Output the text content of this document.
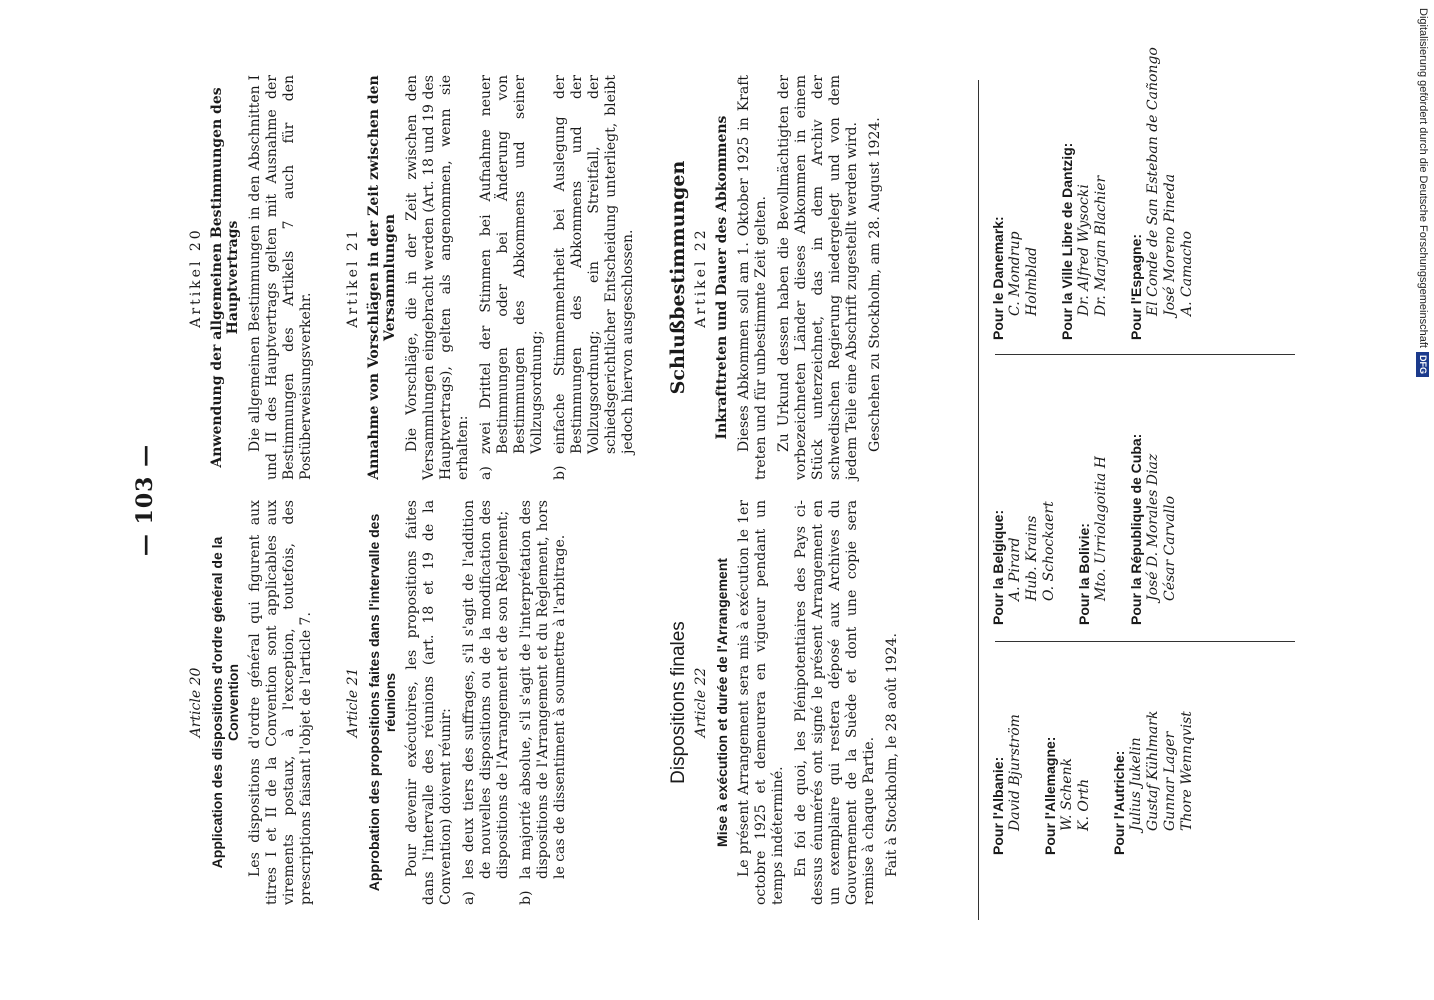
— 103 —

Article 20 Application des dispositions d'ordre général de la Convention Les dispositions d'ordre général qui figurent aux titres I et II de la Convention sont applicables aux virements postaux, à l'exception, toutefois, des prescriptions faisant l'objet de l'article 7. Article 21 Approbation des propositions faites dans l'intervalle des réunions Pour devenir exécutoires, les propositions faites dans l'intervalle des réunions (art. 18 et 19 de la Convention) doivent réunir: a)
les deux tiers des suffrages, s'il s'agit de l'addition de nouvelles dispositions ou de la modification des dispositions de l'Arrangement et de son Règlement;
b)
la majorité absolue, s'il s'agit de l'interprétation des dispositions de l'Arrangement et du Règlement, hors le cas de dissentiment à soumettre à l'arbitrage.	Dispositions finales Article 22 Mise à exécution et durée de l'Arrangement Le présent Arrangement sera mis à exécution le 1er octobre 1925 et demeurera en vigueur pendant un temps indéterminé. En foi de quoi, les Plénipotentiaires des Pays ci-dessus énumérés ont signé le présent Arrangement en un exemplaire qui restera déposé aux Archives du Gouvernement de la Suède et dont une copie sera remise à chaque Partie. Fait à Stockholm, le 28 août 1924.

Artikel 20 Anwendung der allgemeinen Bestimmungen des Hauptvertrags Die allgemeinen Bestimmungen in den Abschnitten I und II des Hauptvertrags gelten mit Ausnahme der Bestimmungen des Artikels 7 auch für den Postüberweisungsverkehr.

Artikel 21 Annahme von Vorschlägen in der Zeit zwischen den Versammlungen Die Vorschläge, die in der Zeit zwischen den Versammlungen eingebracht werden (Art. 18 und 19 des Hauptvertrags), gelten als angenommen, wenn sie erhalten: a)
zwei Drittel der Stimmen bei Aufnahme neuer Bestimmungen oder bei Änderung von Bestimmungen des Abkommens und seiner Vollzugsordnung;
b)
einfache Stimmenmehrheit bei Auslegung der Bestimmungen des Abkommens und der Vollzugsordnung; ein Streitfall, der schiedsgerichtlicher Entscheidung unterliegt, bleibt jedoch hiervon ausgeschlossen. Schlußbestimmungen Artikel 22 Inkrafttreten und Dauer des Abkommens Dieses Abkommen soll am 1. Oktober 1925 in Kraft treten und für unbestimmte Zeit gelten. Zu Urkund dessen haben die Bevollmächtigten der vorbezeichneten Länder dieses Abkommen in einem Stück unterzeichnet, das in dem Archiv der schwedischen Regierung niedergelegt und von dem jedem Teile eine Abschrift zugestellt werden wird. Geschehen zu Stockholm, am 28. August 1924.

Pour l'Albanie: David Bjurström Pour l'Allemagne: W. Schenk K. Orth Pour l'Autriche: Julius Jukelin Gustaf Kühlmark Gunnar Lager Thore Wennqvist

Pour la Belgique: A. Pirard Hub. Krains O. Schockaert Pour la Bolivie: Mto. Urriolagoitia H Pour la République de Cuba: José D. Morales Diaz César Carvallo

Pour le Danemark: C. Mondrup Holmblad Pour la Ville Libre de Dantzig: Dr. Alfred Wysocki Dr. Marjan Blachier Pour l'Espagne: El Conde de San Esteban de Cañongo José Moreno Pineda A. Camacho	Digitalisierung gefördert durch die Deutsche ForschungsgemeinschaftDFG
